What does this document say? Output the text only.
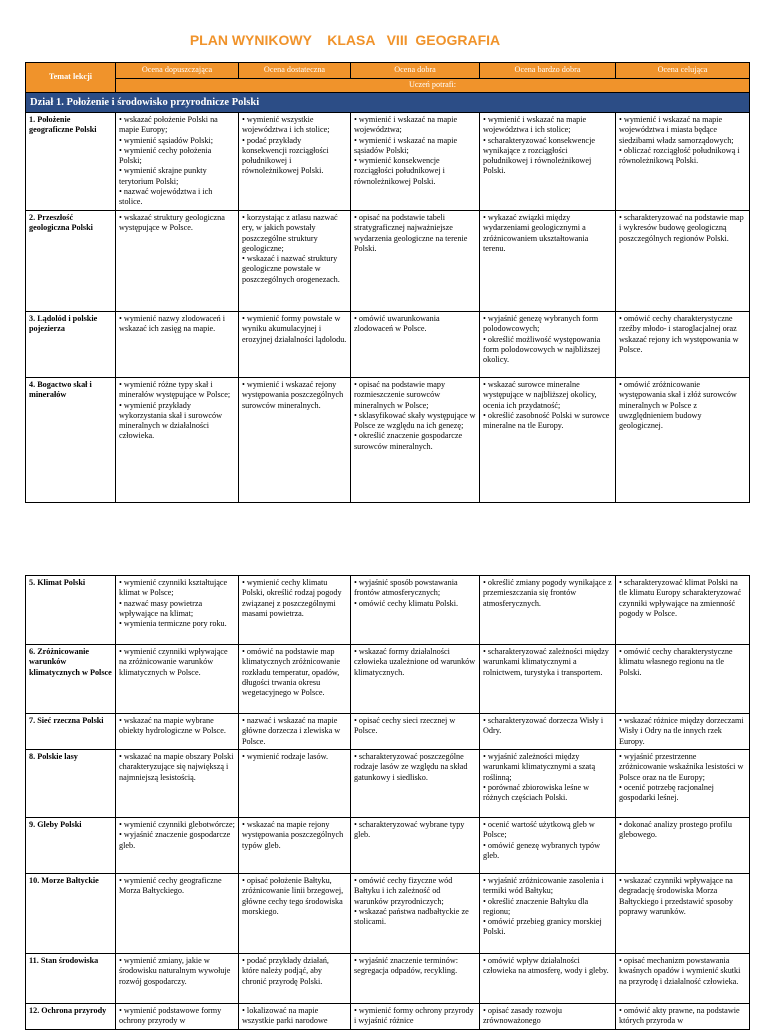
PLAN WYNIKOWY    KLASA   VIII  GEOGRAFIA
Temat lekcji	Ocena dopuszczająca	Ocena dostateczna	Ocena dobra	Ocena bardzo dobra	Ocena celująca
	Uczeń potrafi:				
Dział 1. Położenie i środowisko przyrodnicze Polski					
1. Położenie geograficzne Polski	• wskazać położenie Polski na mapie Europy;
• wymienić sąsiadów Polski;
• wymienić cechy położenia Polski;
• wymienić skrajne punkty terytorium Polski;
• nazwać województwa i ich stolice.	• wymienić wszystkie województwa i ich stolice;
• podać przykłady konsekwencji rozciągłości południkowej i równoleżnikowej Polski.	• wymienić i wskazać na mapie województwa;
• wymienić i wskazać na mapie sąsiadów Polski;
• wymienić konsekwencje rozciągłości południkowej i równoleżnikowej Polski.	• wymienić i wskazać na mapie województwa i ich stolice;
• scharakteryzować konsekwencje wynikające z rozciągłości południkowej i równoleżnikowej Polski.	• wymienić i wskazać na mapie województwa i miasta będące siedzibami władz samorządowych;
• obliczać rozciągłość południkową i równoleżnikową Polski.

2. Przeszłość geologiczna Polski	• wskazać struktury geologiczna występujące w Polsce.	• korzystając z atlasu nazwać ery, w jakich powstały poszczególne struktury geologiczne;
• wskazać i nazwać struktury geologiczne powstałe w poszczególnych orogenezach.	• opisać na podstawie tabeli stratygraficznej najważniejsze wydarzenia geologiczne na terenie Polski.	• wykazać związki między wydarzeniami geologicznymi a zróżnicowaniem ukształtowania terenu.	• scharakteryzować na podstawie map i wykresów budowę geologiczną poszczególnych regionów Polski.

3. Lądolód i polskie pojezierza	• wymienić nazwy zlodowaceń i wskazać ich zasięg na mapie.	• wymienić formy powstałe w wyniku akumulacyjnej i erozyjnej działalności lądolodu.	• omówić uwarunkowania zlodowaceń w Polsce.	• wyjaśnić genezę wybranych form polodowcowych;
• określić możliwość występowania form polodowcowych w najbliższej okolicy.	• omówić cechy charakterystyczne rzeźby młodo- i staroglacjalnej oraz wskazać rejony ich występowania w Polsce.

4. Bogactwo skał i minerałów	• wymienić różne typy skał i minerałów występujące w Polsce;
• wymienić przykłady wykorzystania skał i surowców mineralnych w działalności człowieka.	• wymienić i wskazać rejony występowania poszczególnych surowców mineralnych.	• opisać na podstawie mapy rozmieszczenie surowców mineralnych w Polsce;
• sklasyfikować skały występujące w Polsce ze względu na ich genezę;
• określić znaczenie gospodarcze surowców mineralnych.	• wskazać surowce mineralne występujące w najbliższej okolicy, ocenia ich przydatność;
• określić zasobność Polski w surowce mineralne na tle Europy.	• omówić zróżnicowanie występowania skał i złóż surowców mineralnych w Polsce z uwzględnieniem budowy geologicznej.
5. Klimat Polski	• wymienić czynniki kształtujące klimat w Polsce;
• nazwać masy powietrza wpływające na klimat;
• wymienia termiczne pory roku.	• wymienić cechy klimatu Polski, określić rodzaj pogody związanej z poszczególnymi masami powietrza.	• wyjaśnić sposób powstawania frontów atmosferycznych;
• omówić cechy klimatu Polski.	• określić zmiany pogody wynikające z przemieszczania się frontów atmosferycznych.	• scharakteryzować klimat Polski na tle klimatu Europy scharakteryzować czynniki wpływające na zmienność pogody w Polsce.

6. Zróżnicowanie warunków klimatycznych w Polsce	• wymienić czynniki wpływające na zróżnicowanie warunków klimatycznych w Polsce.	• omówić na podstawie map klimatycznych zróżnicowanie rozkładu temperatur, opadów, długości trwania okresu wegetacyjnego w Polsce.	• wskazać formy działalności człowieka uzależnione od warunków klimatycznych.	• scharakteryzować zależności między warunkami klimatycznymi a rolnictwem, turystyka i transportem.	• omówić cechy charakterystyczne klimatu własnego regionu na tle Polski.

7. Sieć rzeczna Polski	• wskazać na mapie wybrane obiekty hydrologiczne w Polsce.	• nazwać i wskazać na mapie główne dorzecza i zlewiska w Polsce.	• opisać cechy sieci rzecznej w Polsce.	• scharakteryzować dorzecza Wisły i Odry.	• wskazać różnice między dorzeczami Wisły i Odry na tle innych rzek Europy.

8. Polskie lasy	• wskazać na mapie obszary Polski charakteryzujące się największą i najmniejszą lesistością.	• wymienić rodzaje lasów.	• scharakteryzować poszczególne rodzaje lasów ze względu na skład gatunkowy i siedlisko.	• wyjaśnić zależności między warunkami klimatycznymi a szatą roślinną;
• porównać zbiorowiska leśne w różnych częściach Polski.	• wyjaśnić przestrzenne zróżnicowanie wskaźnika lesistości w Polsce oraz na tle Europy;
• ocenić potrzebę racjonalnej gospodarki leśnej.

9. Gleby Polski	• wymienić czynniki glebotwórcze;
• wyjaśnić znaczenie gospodarcze gleb.	• wskazać na mapie rejony występowania poszczególnych typów gleb.	• scharakteryzować wybrane typy gleb.	• ocenić wartość użytkową gleb w Polsce;
• omówić genezę wybranych typów gleb.	• dokonać analizy prostego profilu glebowego.

10. Morze Bałtyckie	• wymienić cechy geograficzne Morza Bałtyckiego.	• opisać położenie Bałtyku, zróżnicowanie linii brzegowej, główne cechy tego środowiska morskiego.	• omówić cechy fizyczne wód Bałtyku i ich zależność od warunków przyrodniczych;
• wskazać państwa nadbałtyckie ze stolicami.	• wyjaśnić zróżnicowanie zasolenia i termiki wód Bałtyku;
• określić znaczenie Bałtyku dla regionu;
• omówić przebieg granicy morskiej Polski.	• wskazać czynniki wpływające na degradację środowiska Morza Bałtyckiego i przedstawić sposoby poprawy warunków.

11. Stan środowiska	• wymienić zmiany, jakie w środowisku naturalnym wywołuje rozwój gospodarczy.	• podać przykłady działań, które należy podjąć, aby chronić przyrodę Polski.	• wyjaśnić znaczenie terminów: segregacja odpadów, recykling.	• omówić wpływ działalności człowieka na atmosferę, wody i gleby.	• opisać mechanizm powstawania kwaśnych opadów i wymienić skutki na przyrodę i działalność człowieka.

12. Ochrona przyrody	• wymienić podstawowe formy ochrony przyrody w	• lokalizować na mapie wszystkie parki narodowe	• wymienić formy ochrony przyrody i wyjaśnić różnice	• opisać zasady rozwoju zrównoważonego	• omówić akty prawne, na podstawie których przyroda w
